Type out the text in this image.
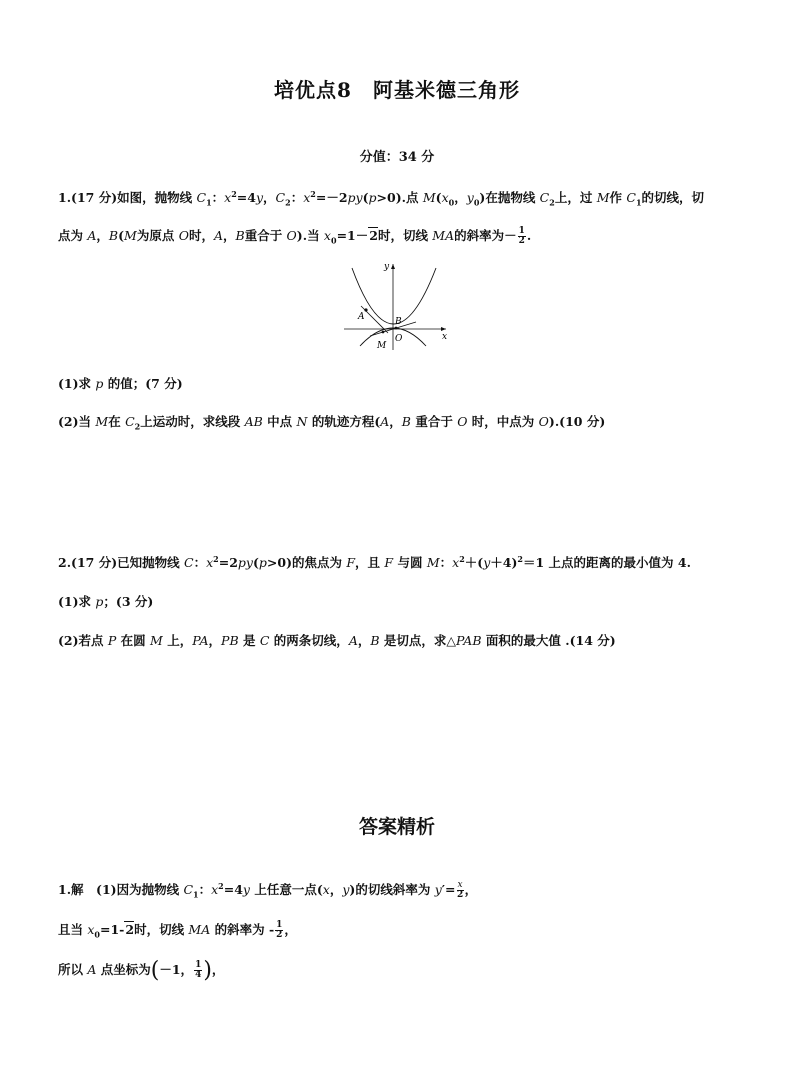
培优点8　阿基米德三角形
分值：34 分
1.(17 分)如图，抛物线 $C_1$：$x^2=4y$，$C_2$：$x^2=-2py(p>0)$.点 $M(x_0$，$y_0$)在抛物线 $C_2$上，过 M作 $C_1$的切线，切
点为 A，B(M为原点 O时，A，B重合于 O).当 $x_0=1-2$时，切线 MA的斜率为－ $\frac{1}{2}$ .
y
x
A	B
O
M
(1)求 p 的值；(7 分)
(2)当 M在 $C_2$上运动时，求线段 AB 中点 N 的轨迹方程(A，B 重合于 O 时，中点为 O).(10 分)
2.(17 分)已知抛物线 C：$x^2=2py(p>0)$的焦点为 F，且 F 与圆 M：$x^2+(y+4)^2=1$ 上点的距离的最小值为 4.
(1)求 p；(3 分)
(2)若点 P 在圆 M 上，PA，PB 是 C 的两条切线，A，B 是切点，求△PAB 面积的最大值 .(14 分)
答案精析
1.解　(1)因为抛物线 $C_1$：$x^2=4y$ 上任意一点(x，y)的切线斜率为 $y'= \frac{x}{2}$ ，
且当 $x_0=1-2$时，切线 MA 的斜率为 - $\frac{1}{2}$ ，
所以 A 点坐标为(－1， $\frac{1}{4}$ )，
